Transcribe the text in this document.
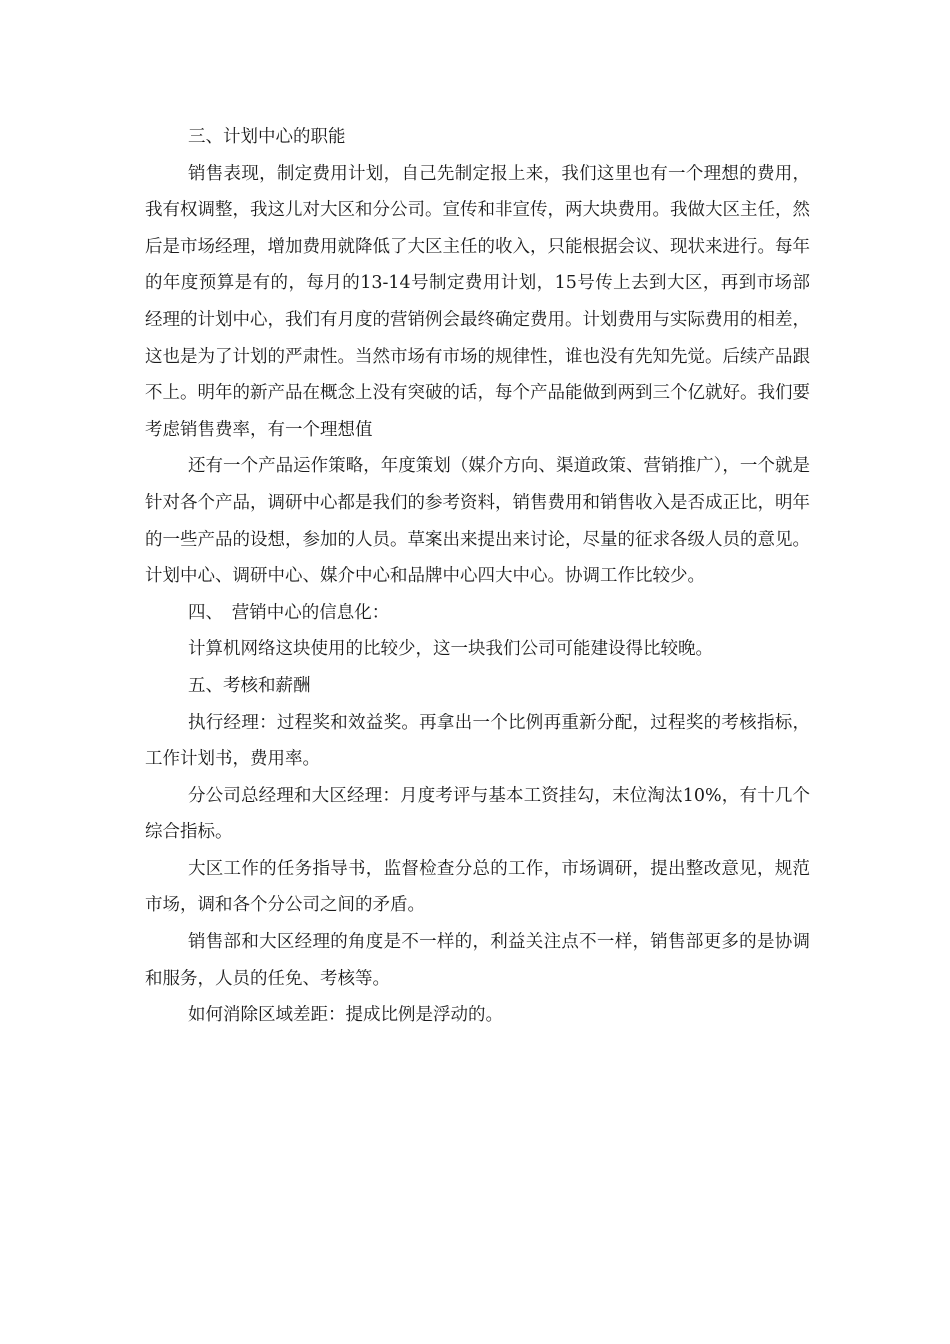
三、计划中心的职能

销售表现，制定费用计划，自己先制定报上来，我们这里也有一个理想的费用，我有权调整，我这儿对大区和分公司。宣传和非宣传，两大块费用。我做大区主任，然后是市场经理，增加费用就降低了大区主任的收入，只能根据会议、现状来进行。每年的年度预算是有的，每月的13-14号制定费用计划，15号传上去到大区，再到市场部经理的计划中心，我们有月度的营销例会最终确定费用。计划费用与实际费用的相差，这也是为了计划的严肃性。当然市场有市场的规律性，谁也没有先知先觉。后续产品跟不上。明年的新产品在概念上没有突破的话，每个产品能做到两到三个亿就好。我们要考虑销售费率，有一个理想值

还有一个产品运作策略，年度策划（媒介方向、渠道政策、营销推广），一个就是针对各个产品，调研中心都是我们的参考资料，销售费用和销售收入是否成正比，明年的一些产品的设想，参加的人员。草案出来提出来讨论，尽量的征求各级人员的意见。计划中心、调研中心、媒介中心和品牌中心四大中心。协调工作比较少。

四、　营销中心的信息化：

计算机网络这块使用的比较少，这一块我们公司可能建设得比较晚。

五、考核和薪酬

执行经理：过程奖和效益奖。再拿出一个比例再重新分配，过程奖的考核指标，工作计划书，费用率。

分公司总经理和大区经理：月度考评与基本工资挂勾，末位淘汰10%，有十几个综合指标。

大区工作的任务指导书，监督检查分总的工作，市场调研，提出整改意见，规范市场，调和各个分公司之间的矛盾。

销售部和大区经理的角度是不一样的，利益关注点不一样，销售部更多的是协调和服务，人员的任免、考核等。

如何消除区域差距：提成比例是浮动的。
